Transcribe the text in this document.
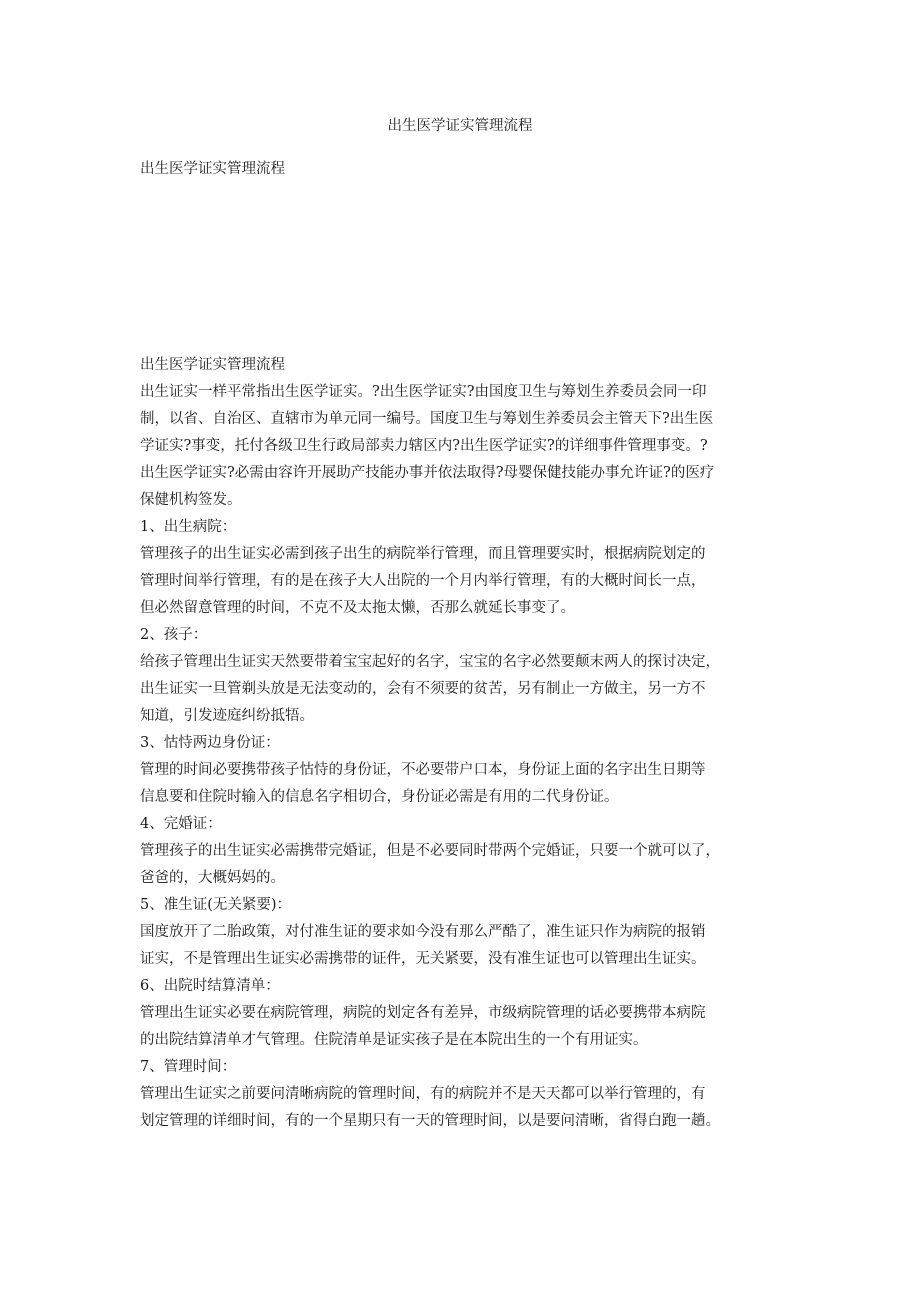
出生医学证实管理流程
出生医学证实管理流程
出生医学证实管理流程
出生证实一样平常指出生医学证实。?出生医学证实?由国度卫生与筹划生养委员会同一印
制，以省、自治区、直辖市为单元同一编号。国度卫生与筹划生养委员会主管天下?出生医
学证实?事变，托付各级卫生行政局部卖力辖区内?出生医学证实?的详细事件管理事变。?
出生医学证实?必需由容许开展助产技能办事并依法取得?母婴保健技能办事允许证?的医疗
保健机构签发。
1、出生病院：
管理孩子的出生证实必需到孩子出生的病院举行管理，而且管理要实时，根据病院划定的
管理时间举行管理，有的是在孩子大人出院的一个月内举行管理，有的大概时间长一点，
但必然留意管理的时间，不克不及太拖太懒，否那么就延长事变了。
2、孩子：
给孩子管理出生证实天然要带着宝宝起好的名字，宝宝的名字必然要颠末两人的探讨决定，
出生证实一旦管剃头放是无法变动的，会有不须要的贫苦，另有制止一方做主，另一方不
知道，引发迹庭纠纷抵牾。
3、怙恃两边身份证：
管理的时间必要携带孩子怙恃的身份证，不必要带户口本，身份证上面的名字出生日期等
信息要和住院时输入的信息名字相切合，身份证必需是有用的二代身份证。
4、完婚证：
管理孩子的出生证实必需携带完婚证，但是不必要同时带两个完婚证，只要一个就可以了，
爸爸的，大概妈妈的。
5、准生证(无关紧要)：
国度放开了二胎政策，对付准生证的要求如今没有那么严酷了，准生证只作为病院的报销
证实，不是管理出生证实必需携带的证件，无关紧要，没有准生证也可以管理出生证实。
6、出院时结算清单：
管理出生证实必要在病院管理，病院的划定各有差异，市级病院管理的话必要携带本病院
的出院结算清单才气管理。住院清单是证实孩子是在本院出生的一个有用证实。
7、管理时间：
管理出生证实之前要问清晰病院的管理时间，有的病院并不是天天都可以举行管理的，有
划定管理的详细时间，有的一个星期只有一天的管理时间，以是要问清晰，省得白跑一趟。
